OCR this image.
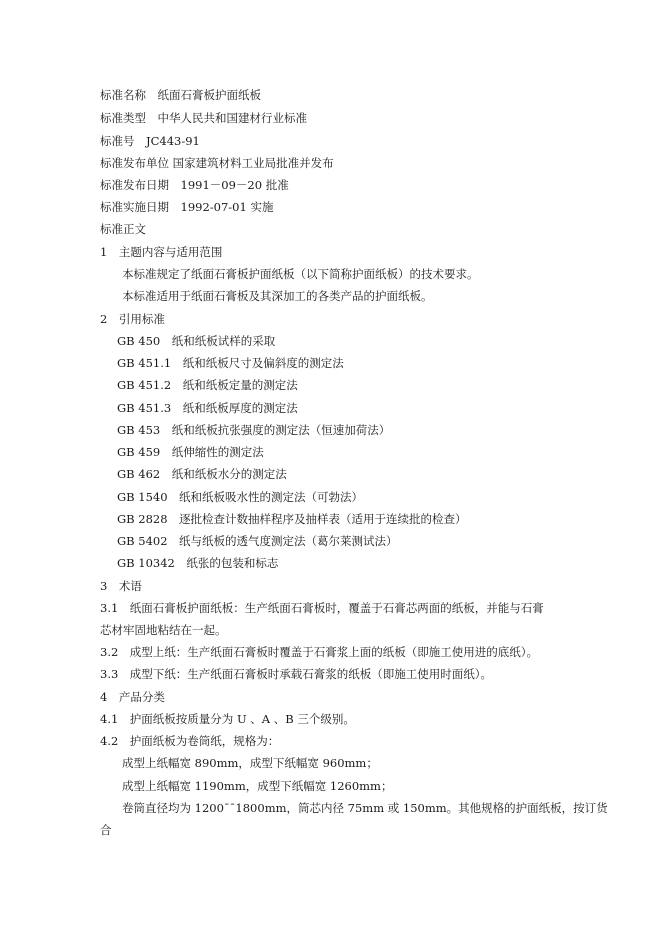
标准名称　纸面石膏板护面纸板
标准类型　中华人民共和国建材行业标准
标准号　JC443-91
标准发布单位 国家建筑材料工业局批准并发布
标准发布日期　1991－09－20 批准
标准实施日期　1992-07-01 实施
标准正文
1　主题内容与适用范围
本标准规定了纸面石膏板护面纸板（以下简称护面纸板）的技术要求。
本标准适用于纸面石膏板及其深加工的各类产品的护面纸板。
2　引用标准
GB 450　纸和纸板试样的采取
GB 451.1　纸和纸板尺寸及偏斜度的测定法
GB 451.2　纸和纸板定量的测定法
GB 451.3　纸和纸板厚度的测定法
GB 453　纸和纸板抗张强度的测定法（恒速加荷法）
GB 459　纸伸缩性的测定法
GB 462　纸和纸板水分的测定法
GB 1540　纸和纸板吸水性的测定法（可勃法）
GB 2828　逐批检查计数抽样程序及抽样表（适用于连续批的检查）
GB 5402　纸与纸板的透气度测定法（葛尔莱测试法）
GB 10342　纸张的包装和标志
3　术语
3.1　纸面石膏板护面纸板：生产纸面石膏板时，覆盖于石膏芯两面的纸板，并能与石膏
芯材牢固地粘结在一起。
3.2　成型上纸：生产纸面石膏板时覆盖于石膏浆上面的纸板（即施工使用进的底纸）。
3.3　成型下纸：生产纸面石膏板时承载石膏浆的纸板（即施工使用时面纸）。
4　产品分类
4.1　护面纸板按质量分为 U 、A 、B 三个级别。
4.2　护面纸板为卷筒纸，规格为：
成型上纸幅宽 890mm，成型下纸幅宽 960mm；
成型上纸幅宽 1190mm，成型下纸幅宽 1260mm；
卷筒直径均为 1200¯¯1800mm，筒芯内径 75mm 或 150mm。其他规格的护面纸板，按订货
合
